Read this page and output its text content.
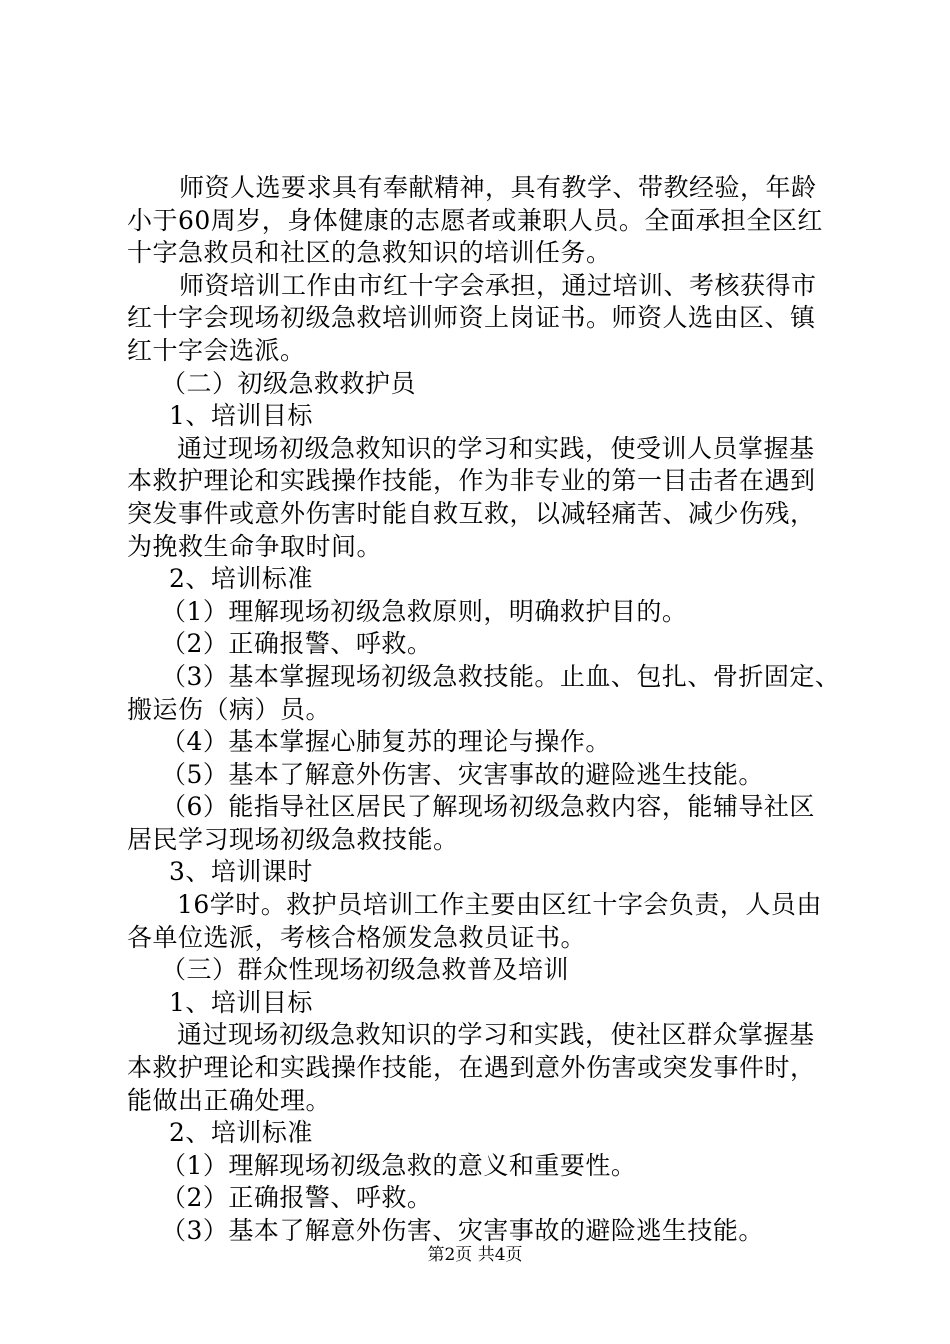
师资人选要求具有奉献精神，具有教学、带教经验，年龄
小于60周岁，身体健康的志愿者或兼职人员。全面承担全区红
十字急救员和社区的急救知识的培训任务。
师资培训工作由市红十字会承担，通过培训、考核获得市
红十字会现场初级急救培训师资上岗证书。师资人选由区、镇
红十字会选派。
（二）初级急救救护员
1、培训目标
通过现场初级急救知识的学习和实践，使受训人员掌握基
本救护理论和实践操作技能，作为非专业的第一目击者在遇到
突发事件或意外伤害时能自救互救，以减轻痛苦、减少伤残，
为挽救生命争取时间。
2、培训标准
（1）理解现场初级急救原则，明确救护目的。
（2）正确报警、呼救。
（3）基本掌握现场初级急救技能。止血、包扎、骨折固定、
搬运伤（病）员。
（4）基本掌握心肺复苏的理论与操作。
（5）基本了解意外伤害、灾害事故的避险逃生技能。
（6）能指导社区居民了解现场初级急救内容，能辅导社区
居民学习现场初级急救技能。
3、培训课时
16学时。救护员培训工作主要由区红十字会负责，人员由
各单位选派，考核合格颁发急救员证书。
（三）群众性现场初级急救普及培训
1、培训目标
通过现场初级急救知识的学习和实践，使社区群众掌握基
本救护理论和实践操作技能，在遇到意外伤害或突发事件时，
能做出正确处理。
2、培训标准
（1）理解现场初级急救的意义和重要性。
（2）正确报警、呼救。
（3）基本了解意外伤害、灾害事故的避险逃生技能。
第2页 共4页
